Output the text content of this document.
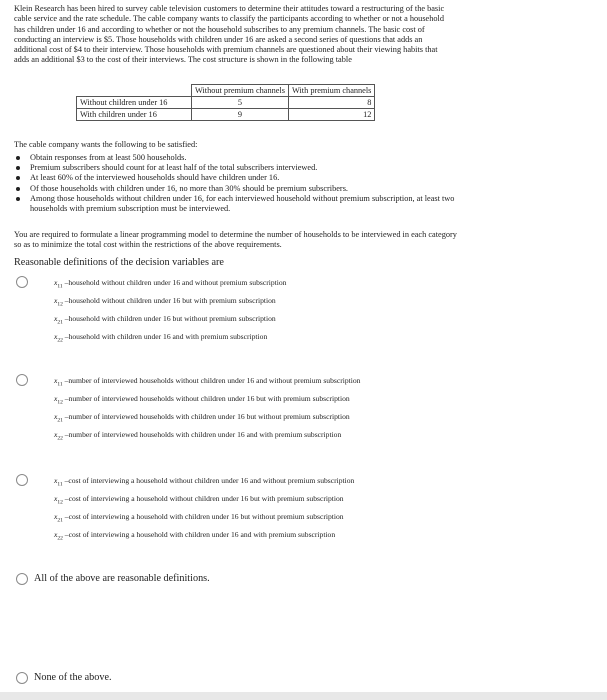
Klein Research has been hired to survey cable television customers to determine their attitudes toward a restructuring of the basic cable service and the rate schedule. The cable company wants to classify the participants according to whether or not a household has children under 16 and according to whether or not the household subscribes to any premium channels. The basic cost of conducting an interview is $5. Those households with children under 16 are asked a second series of questions that adds an additional cost of $4 to their interview. Those households with premium channels are questioned about their viewing habits that adds an additional $3 to the cost of their interviews. The cost structure is shown in the following table
	Without premium channels	With premium channels
Without children under 16	5	8
With children under 16	9	12
The cable company wants the following to be satisfied:
Obtain responses from at least 500 households.
Premium subscribers should count for at least half of the total subscribers interviewed.
At least 60% of the interviewed households should have children under 16.
Of those households with children under 16, no more than 30% should be premium subscribers.
Among those households without children under 16, for each interviewed household without premium subscription, at least two households with premium subscription must be interviewed.
You are required to formulate a linear programming model to determine the number of households to be interviewed in each category so as to minimize the total cost within the restrictions of the above requirements.
Reasonable definitions of the decision variables are
$x_{11}$ –household without children under 16 and without premium subscription
$x_{12}$ –household without children under 16 but with premium subscription
$x_{21}$ –household with children under 16 but without premium subscription
$x_{22}$ –household with children under 16 and with premium subscription
$x_{11}$ –number of interviewed households without children under 16 and without premium subscription
$x_{12}$ –number of interviewed households without children under 16 but with premium subscription
$x_{21}$ –number of interviewed households with children under 16 but without premium subscription
$x_{22}$ –number of interviewed households with children under 16 and with premium subscription
$x_{11}$ –cost of interviewing a household without children under 16 and without premium subscription
$x_{12}$ –cost of interviewing a household without children under 16 but with premium subscription
$x_{21}$ –cost of interviewing a household with children under 16 but without premium subscription
$x_{22}$ –cost of interviewing a household with children under 16 and with premium subscription
All of the above are reasonable definitions.
None of the above.
